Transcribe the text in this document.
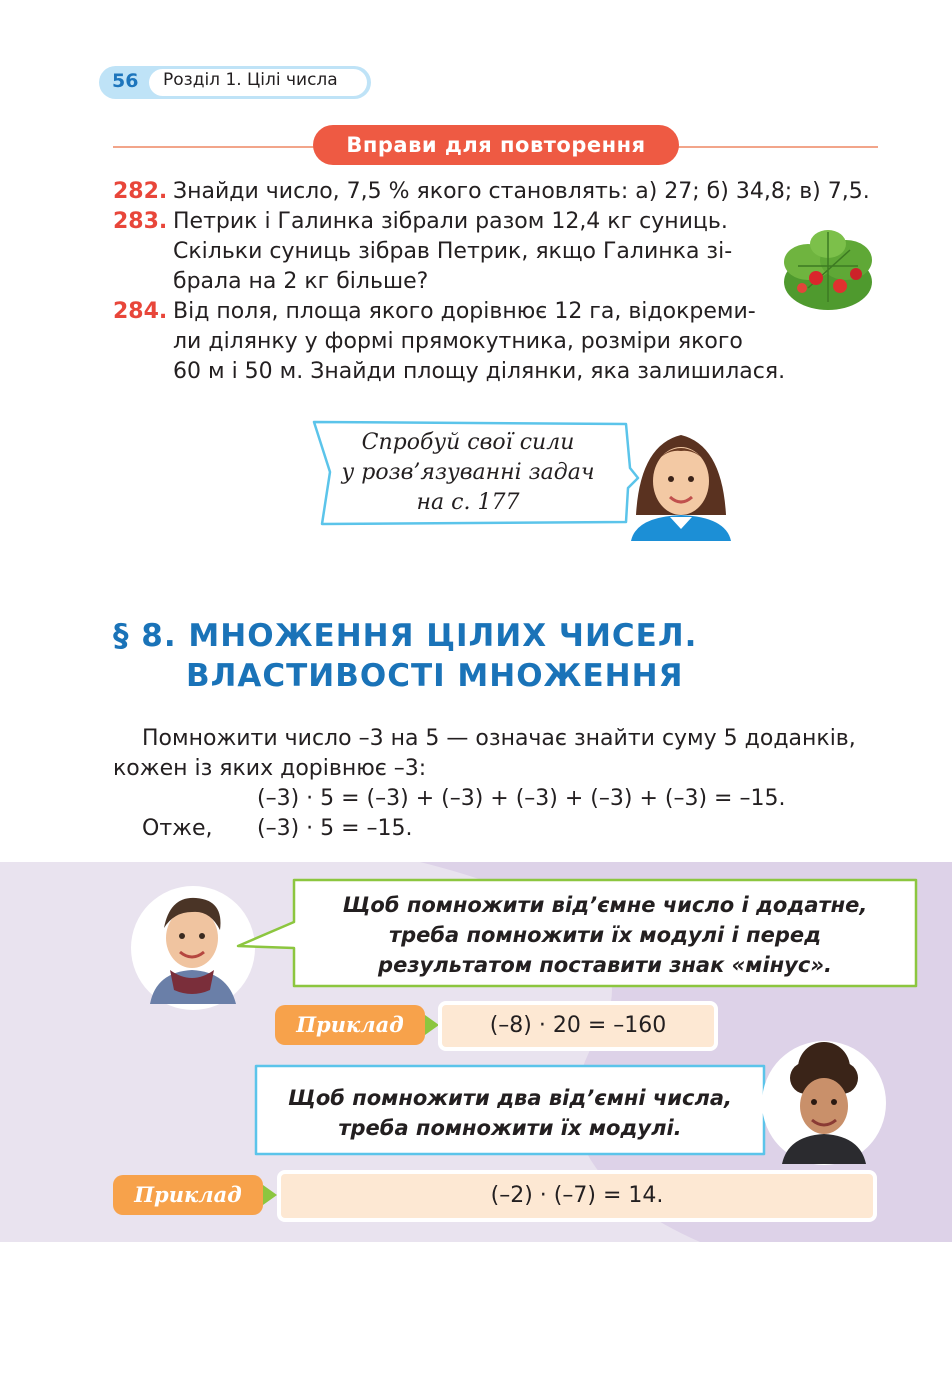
56 Розділ 1. Цілі числа
Вправи для повторення
282. Знайди число, 7,5 % якого становлять: а) 27; б) 34,8; в) 7,5.
283. Петрик і Галинка зібрали разом 12,4 кг суниць.
Скільки суниць зібрав Петрик, якщо Галинка зі-
брала на 2 кг більше?
284. Від поля, площа якого дорівнює 12 га, відокреми-
ли ділянку у формі прямокутника, розміри якого
60 м і 50 м. Знайди площу ділянки, яка залишилася.
Спробуй свої сили
у розв’язуванні задач
на с. 177
§ 8. МНОЖЕННЯ ЦІЛИХ ЧИСЕЛ.
ВЛАСТИВОСТІ МНОЖЕННЯ
Помножити число –3 на 5 — означає знайти суму 5 доданків,
кожен із яких дорівнює –3:
(–3) · 5 = (–3) + (–3) + (–3) + (–3) + (–3) = –15.
Отже, (–3) · 5 = –15.
Щоб помножити від’ємне число і додатне,
треба помножити їх модулі і перед
результатом поставити знак «мінус».
Приклад	(–8) · 20 = –160
Щоб помножити два від’ємні числа,
треба помножити їх модулі.
Приклад	(–2) · (–7) = 14.
